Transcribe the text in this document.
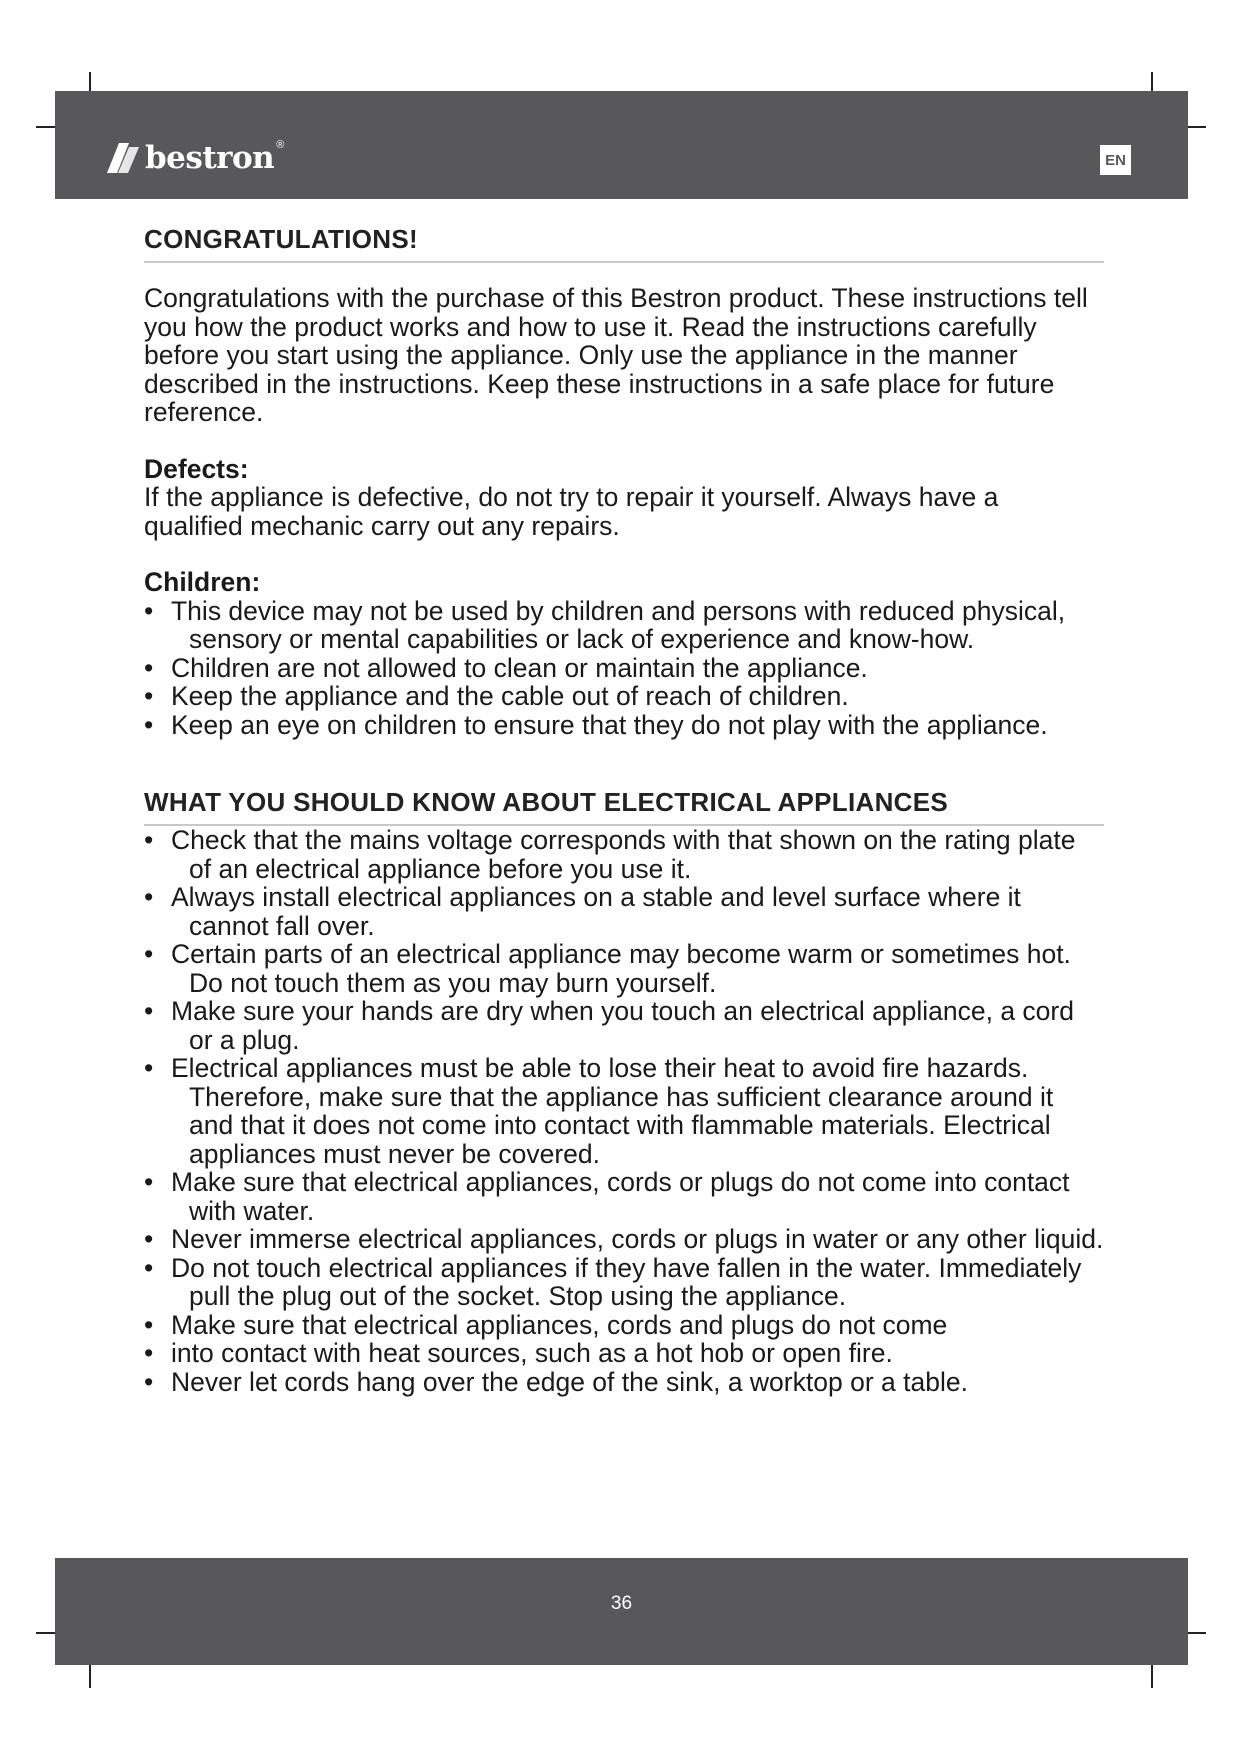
bestron ®
EN
CONGRATULATIONS!

Congratulations with the purchase of this Bestron product. These instructions tell you how the product works and how to use it. Read the instructions carefully before you start using the appliance. Only use the appliance in the manner described in the instructions. Keep these instructions in a safe place for future reference.

Defects:
If the appliance is defective, do not try to repair it yourself. Always have a qualified mechanic carry out any repairs.
Children:
• This device may not be used by children and persons with reduced physical, sensory or mental capabilities or lack of experience and know-how.
• Children are not allowed to clean or maintain the appliance.
• Keep the appliance and the cable out of reach of children.
• Keep an eye on children to ensure that they do not play with the appliance.
WHAT YOU SHOULD KNOW ABOUT ELECTRICAL APPLIANCES
• Check that the mains voltage corresponds with that shown on the rating plate of an electrical appliance before you use it.
• Always install electrical appliances on a stable and level surface where it cannot fall over.
• Certain parts of an electrical appliance may become warm or sometimes hot. Do not touch them as you may burn yourself.
• Make sure your hands are dry when you touch an electrical appliance, a cord or a plug.
• Electrical appliances must be able to lose their heat to avoid fire hazards. Therefore, make sure that the appliance has sufficient clearance around it and that it does not come into contact with flammable materials. Electrical appliances must never be covered.
• Make sure that electrical appliances, cords or plugs do not come into contact with water.
• Never immerse electrical appliances, cords or plugs in water or any other liquid.
• Do not touch electrical appliances if they have fallen in the water. Immediately pull the plug out of the socket. Stop using the appliance.
• Make sure that electrical appliances, cords and plugs do not come
• into contact with heat sources, such as a hot hob or open fire.
• Never let cords hang over the edge of the sink, a worktop or a table.
36
